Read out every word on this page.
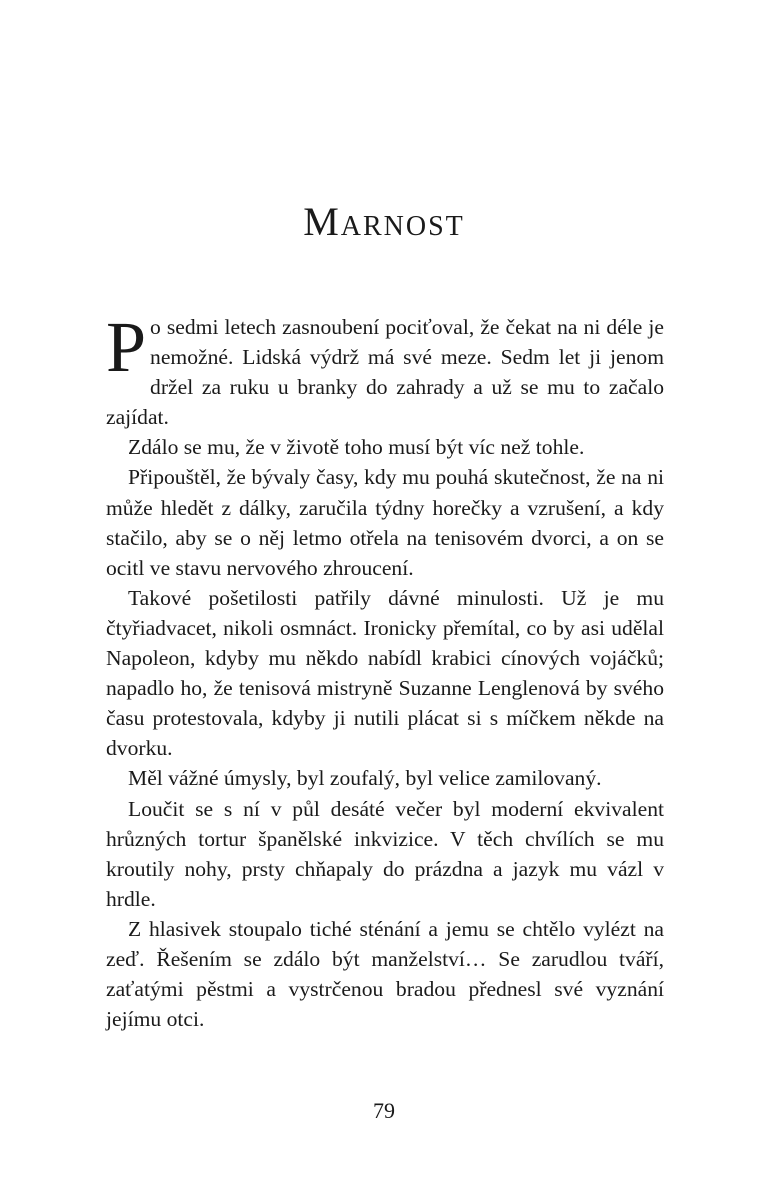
Marnost

Po sedmi letech zasnoubení pociťoval, že čekat na ni déle je nemožné. Lidská výdrž má své meze. Sedm let ji jenom držel za ruku u branky do zahrady a už se mu to začalo zajídat.

Zdálo se mu, že v životě toho musí být víc než tohle.

Připouštěl, že bývaly časy, kdy mu pouhá skutečnost, že na ni může hledět z dálky, zaručila týdny horečky a vzrušení, a kdy stačilo, aby se o něj letmo otřela na tenisovém dvorci, a on se ocitl ve stavu nervového zhroucení.

Takové pošetilosti patřily dávné minulosti. Už je mu čtyřiadvacet, nikoli osmnáct. Ironicky přemítal, co by asi udělal Napoleon, kdyby mu někdo nabídl krabici cínových vojáčků; napadlo ho, že tenisová mistryně Suzanne Lenglenová by svého času protestovala, kdyby ji nutili plácat si s míčkem někde na dvorku.

Měl vážné úmysly, byl zoufalý, byl velice zamilovaný.

Loučit se s ní v půl desáté večer byl moderní ekvivalent hrůzných tortur španělské inkvizice. V těch chvílích se mu kroutily nohy, prsty chňapaly do prázdna a jazyk mu vázl v hrdle.

Z hlasivek stoupalo tiché sténání a jemu se chtělo vylézt na zeď. Řešením se zdálo být manželství… Se zarudlou tváří, zaťatými pěstmi a vystrčenou bradou přednesl své vyznání jejímu otci.

79
